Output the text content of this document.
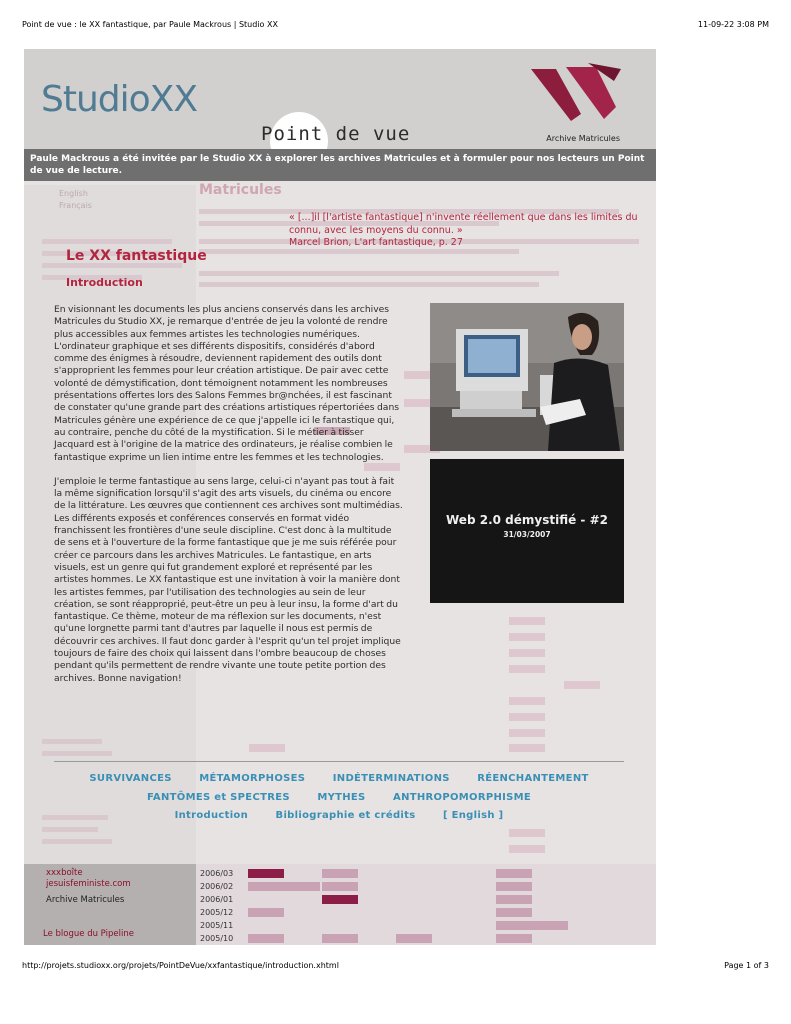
Point de vue : le XX fantastique, par Paule Mackrous | Studio XX	11-09-22 3:08 PM
Matricules
StudioXX
Archive Matricules
Point de vue
Paule Mackrous a été invitée par le Studio XX à explorer les archives Matricules et à formuler pour nos lecteurs un Point de vue de lecture.
English
Français
« [...]il [l'artiste fantastique] n'invente réellement que dans les limites du connu, avec les moyens du connu. »
Marcel Brion, L'art fantastique, p. 27
Le XX fantastique
Introduction

En visionnant les documents les plus anciens conservés dans les archives Matricules du Studio XX, je remarque d'entrée de jeu la volonté de rendre plus accessibles aux femmes artistes les technologies numériques. L'ordinateur graphique et ses différents dispositifs, considérés d'abord comme des énigmes à résoudre, deviennent rapidement des outils dont s'approprient les femmes pour leur création artistique. De pair avec cette volonté de démystification, dont témoignent notamment les nombreuses présentations offertes lors des Salons Femmes br@nchées, il est fascinant de constater qu'une grande part des créations artistiques répertoriées dans Matricules génère une expérience de ce que j'appelle ici le fantastique qui, au contraire, penche du côté de la mystification. Si le métier à tisser Jacquard est à l'origine de la matrice des ordinateurs, je réalise combien le fantastique exprime un lien intime entre les femmes et les technologies.

J'emploie le terme fantastique au sens large, celui-ci n'ayant pas tout à fait la même signification lorsqu'il s'agit des arts visuels, du cinéma ou encore de la littérature. Les œuvres que contiennent ces archives sont multimédias. Les différents exposés et conférences conservés en format vidéo franchissent les frontières d'une seule discipline. C'est donc à la multitude de sens et à l'ouverture de la forme fantastique que je me suis référée pour créer ce parcours dans les archives Matricules. Le fantastique, en arts visuels, est un genre qui fut grandement exploré et représenté par les artistes hommes. Le XX fantastique est une invitation à voir la manière dont les artistes femmes, par l'utilisation des technologies au sein de leur création, se sont réapproprié, peut-être un peu à leur insu, la forme d'art du fantastique. Ce thème, moteur de ma réflexion sur les documents, n'est qu'une lorgnette parmi tant d'autres par laquelle il nous est permis de découvrir ces archives. Il faut donc garder à l'esprit qu'un tel projet implique toujours de faire des choix qui laissent dans l'ombre beaucoup de choses pendant qu'ils permettent de rendre vivante une toute petite portion des archives. Bonne navigation!

Web 2.0 démystifié - #2
31/03/2007
SURVIVANCES	MÉTAMORPHOSES	INDÉTERMINATIONS	RÉENCHANTEMENT
FANTÔMES et SPECTRES	MYTHES	ANTHROPOMORPHISME
Introduction	Bibliographie et crédits	[ English ]
xxxboîte
jesuisfeministe.com
Archive Matricules
Le blogue du Pipeline
2006/03
2006/02
2006/01
2005/12
2005/11
2005/10
http://projets.studioxx.org/projets/PointDeVue/xxfantastique/introduction.xhtml	Page 1 of 3
